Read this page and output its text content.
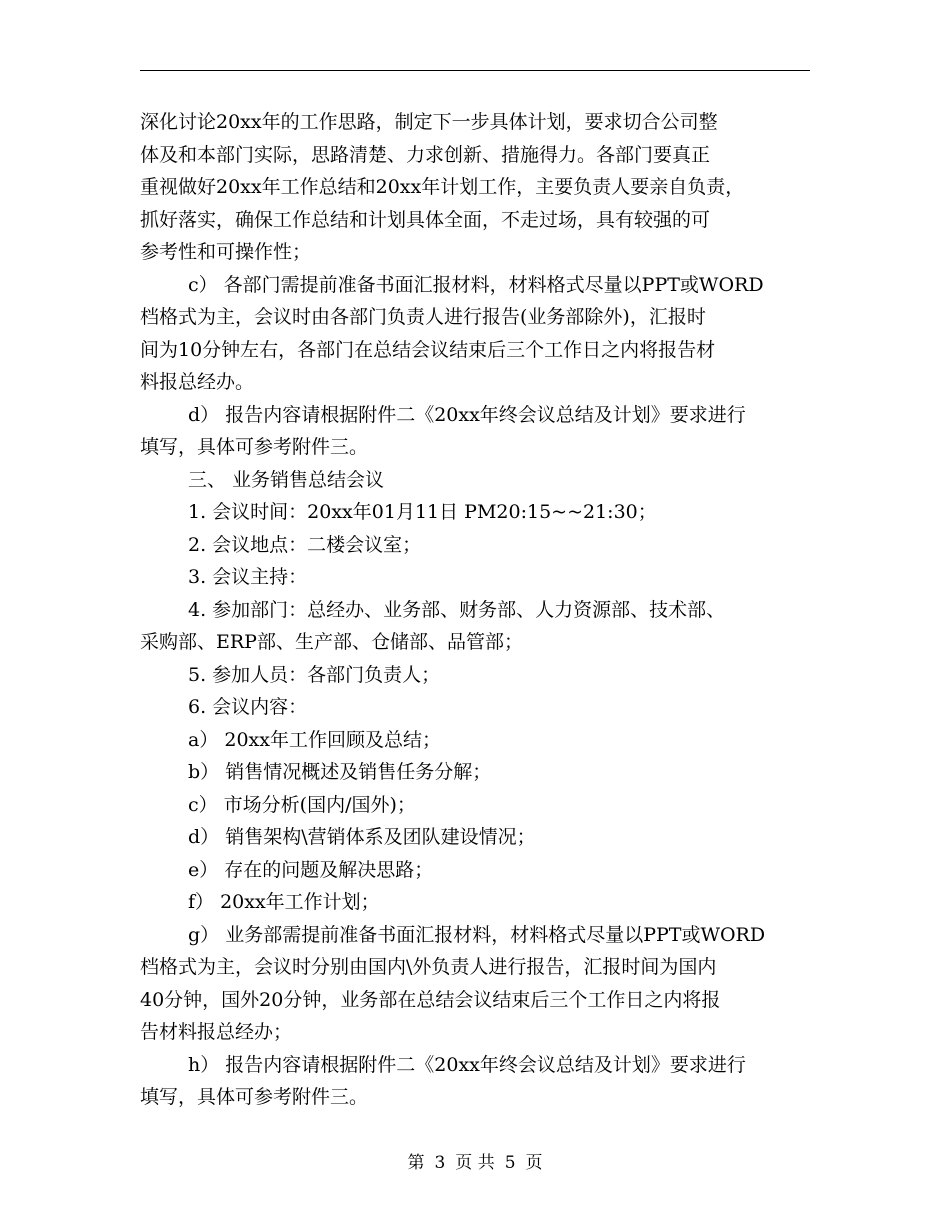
深化讨论20xx年的工作思路，制定下一步具体计划，要求切合公司整
体及和本部门实际，思路清楚、力求创新、措施得力。各部门要真正
重视做好20xx年工作总结和20xx年计划工作，主要负责人要亲自负责，
抓好落实，确保工作总结和计划具体全面，不走过场，具有较强的可
参考性和可操作性；
c） 各部门需提前准备书面汇报材料，材料格式尽量以PPT或WORD
档格式为主，会议时由各部门负责人进行报告(业务部除外)，汇报时
间为10分钟左右，各部门在总结会议结束后三个工作日之内将报告材
料报总经办。
d） 报告内容请根据附件二《20xx年终会议总结及计划》要求进行
填写，具体可参考附件三。
三、 业务销售总结会议
1. 会议时间：20xx年01月11日 PM20:15~~21:30；
2. 会议地点：二楼会议室；
3. 会议主持：
4. 参加部门：总经办、业务部、财务部、人力资源部、技术部、
采购部、ERP部、生产部、仓储部、品管部；
5. 参加人员：各部门负责人；
6. 会议内容：
a） 20xx年工作回顾及总结；
b） 销售情况概述及销售任务分解；
c） 市场分析(国内/国外)；
d） 销售架构\营销体系及团队建设情况；
e） 存在的问题及解决思路；
f） 20xx年工作计划；
g） 业务部需提前准备书面汇报材料，材料格式尽量以PPT或WORD
档格式为主，会议时分别由国内\外负责人进行报告，汇报时间为国内
40分钟，国外20分钟，业务部在总结会议结束后三个工作日之内将报
告材料报总经办；
h） 报告内容请根据附件二《20xx年终会议总结及计划》要求进行
填写，具体可参考附件三。
第 3 页 共 5 页
